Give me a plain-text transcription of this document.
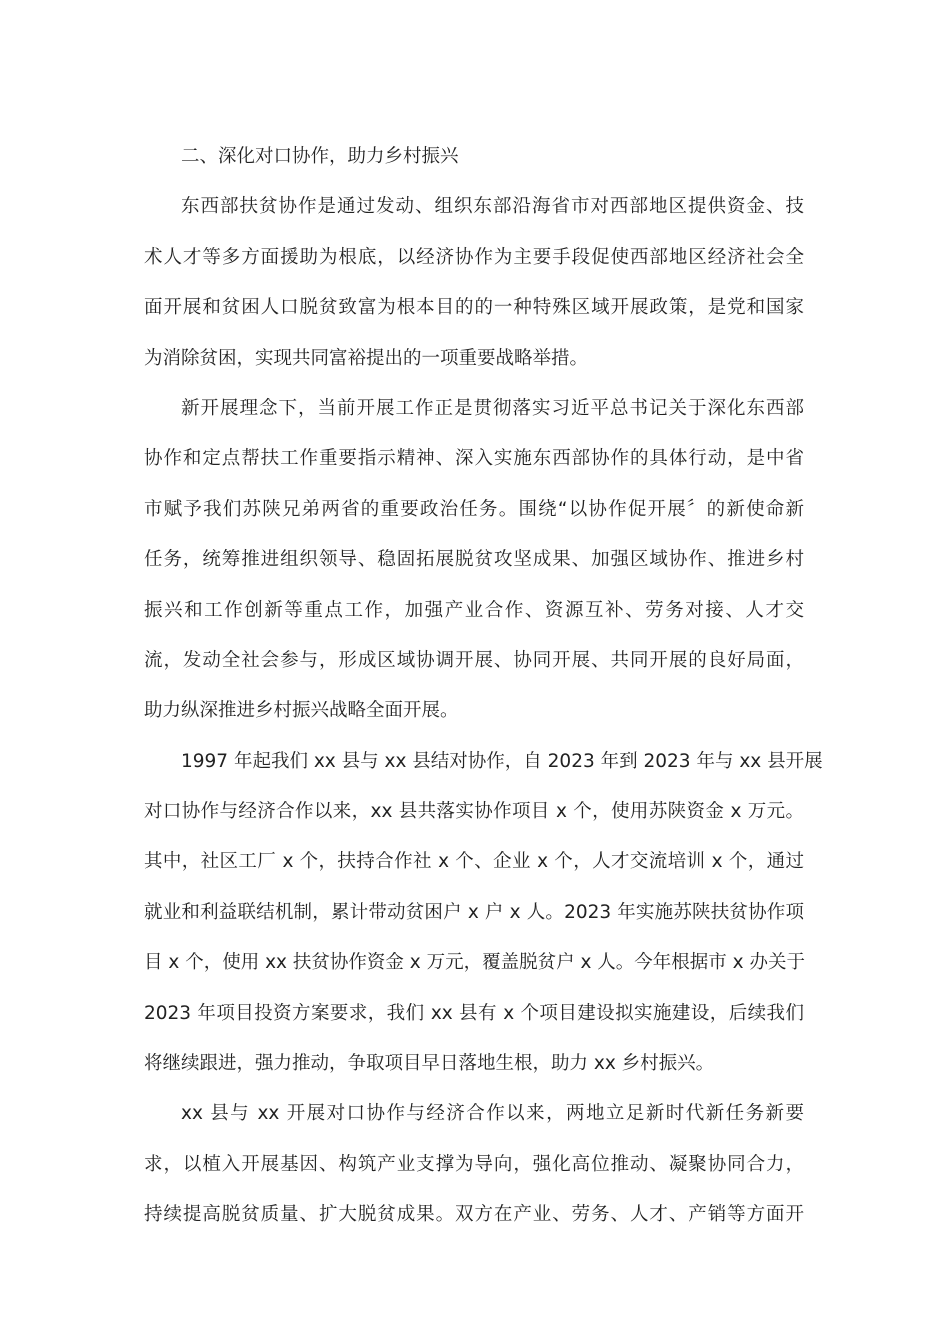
二、深化对口协作，助力乡村振兴
东西部扶贫协作是通过发动、组织东部沿海省市对西部地区提供资金、技
术人才等多方面援助为根底，以经济协作为主要手段促使西部地区经济社会全
面开展和贫困人口脱贫致富为根本目的的一种特殊区域开展政策，是党和国家
为消除贫困，实现共同富裕提出的一项重要战略举措。
新开展理念下，当前开展工作正是贯彻落实习近平总书记关于深化东西部
协作和定点帮扶工作重要指示精神、深入实施东西部协作的具体行动，是中省
市赋予我们苏陕兄弟两省的重要政治任务。围绕“以协作促开展〞的新使命新
任务，统筹推进组织领导、稳固拓展脱贫攻坚成果、加强区域协作、推进乡村
振兴和工作创新等重点工作，加强产业合作、资源互补、劳务对接、人才交
流，发动全社会参与，形成区域协调开展、协同开展、共同开展的良好局面，
助力纵深推进乡村振兴战略全面开展。
1997 年起我们 xx 县与 xx 县结对协作，自 2023 年到 2023 年与 xx 县开展
对口协作与经济合作以来，xx 县共落实协作项目 x 个，使用苏陕资金 x 万元。
其中，社区工厂 x 个，扶持合作社 x 个、企业 x 个，人才交流培训 x 个，通过
就业和利益联结机制，累计带动贫困户 x 户 x 人。2023 年实施苏陕扶贫协作项
目 x 个，使用 xx 扶贫协作资金 x 万元，覆盖脱贫户 x 人。今年根据市 x 办关于
2023 年项目投资方案要求，我们 xx 县有 x 个项目建设拟实施建设，后续我们
将继续跟进，强力推动，争取项目早日落地生根，助力 xx 乡村振兴。
xx 县与 xx 开展对口协作与经济合作以来，两地立足新时代新任务新要
求，以植入开展基因、构筑产业支撑为导向，强化高位推动、凝聚协同合力，
持续提高脱贫质量、扩大脱贫成果。双方在产业、劳务、人才、产销等方面开
